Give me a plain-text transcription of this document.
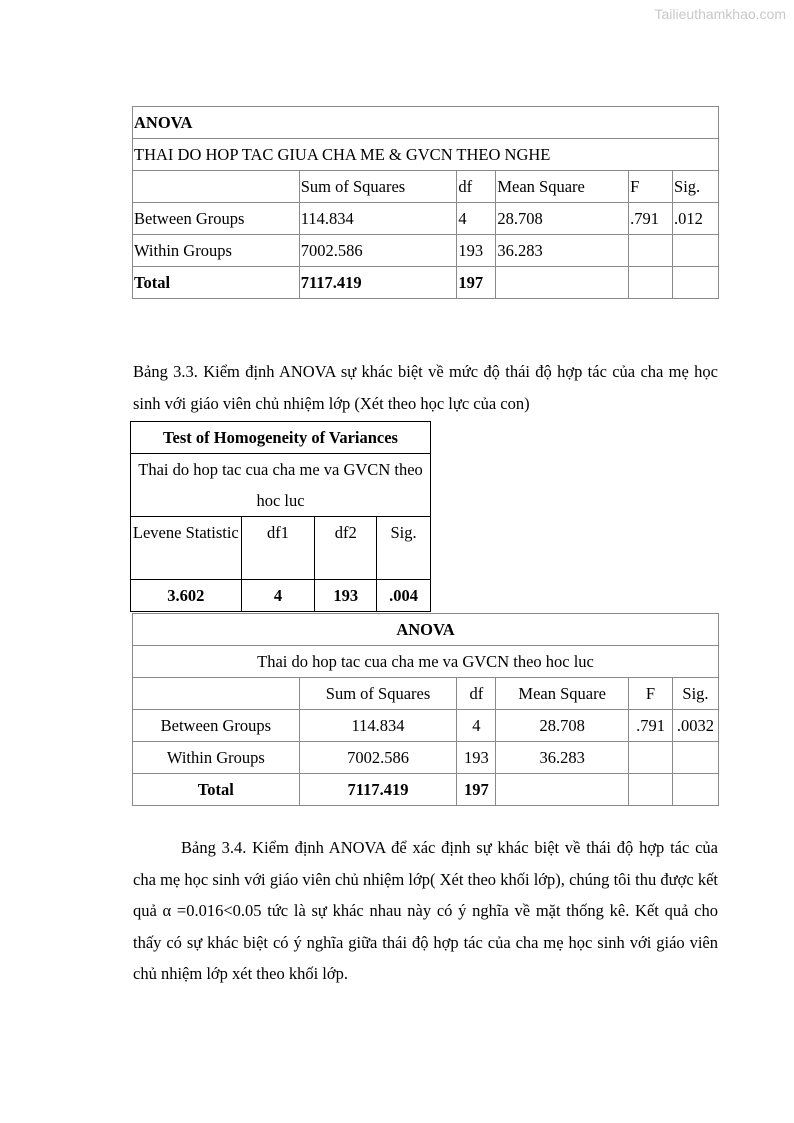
Tailieuthamkhao.com
ANOVA					
THAI DO HOP TAC GIUA CHA ME & GVCN THEO NGHE					
	Sum of Squares	df	Mean Square	F	Sig.
Between Groups	114.834	4	28.708	.791	.012
Within Groups	7002.586	193	36.283		
Total	7117.419	197			

Bảng 3.3. Kiểm định ANOVA sự khác biệt về mức độ thái độ hợp tác của cha mẹ học sinh với giáo viên chủ nhiệm lớp (Xét theo học lực của con)

Test of Homogeneity of Variances			
Thai do hop tac cua cha me va GVCN theo hoc luc			
Levene Statistic	df1	df2	Sig.
3.602	4	193	.004
ANOVA					
Thai do hop tac cua cha me va GVCN theo hoc luc					
	Sum of Squares	df	Mean Square	F	Sig.
Between Groups	114.834	4	28.708	.791	.0032
Within Groups	7002.586	193	36.283		
Total	7117.419	197			

Bảng 3.4. Kiểm định ANOVA để xác định sự khác biệt về thái độ hợp tác của cha mẹ học sinh với giáo viên chủ nhiệm lớp( Xét theo khối lớp), chúng tôi thu được kết quả α =0.016<0.05 tức là sự khác nhau này có ý nghĩa về mặt thống kê. Kết quả cho thấy có sự khác biệt có ý nghĩa giữa thái độ hợp tác của cha mẹ học sinh với giáo viên chủ nhiệm lớp xét theo khối lớp.
